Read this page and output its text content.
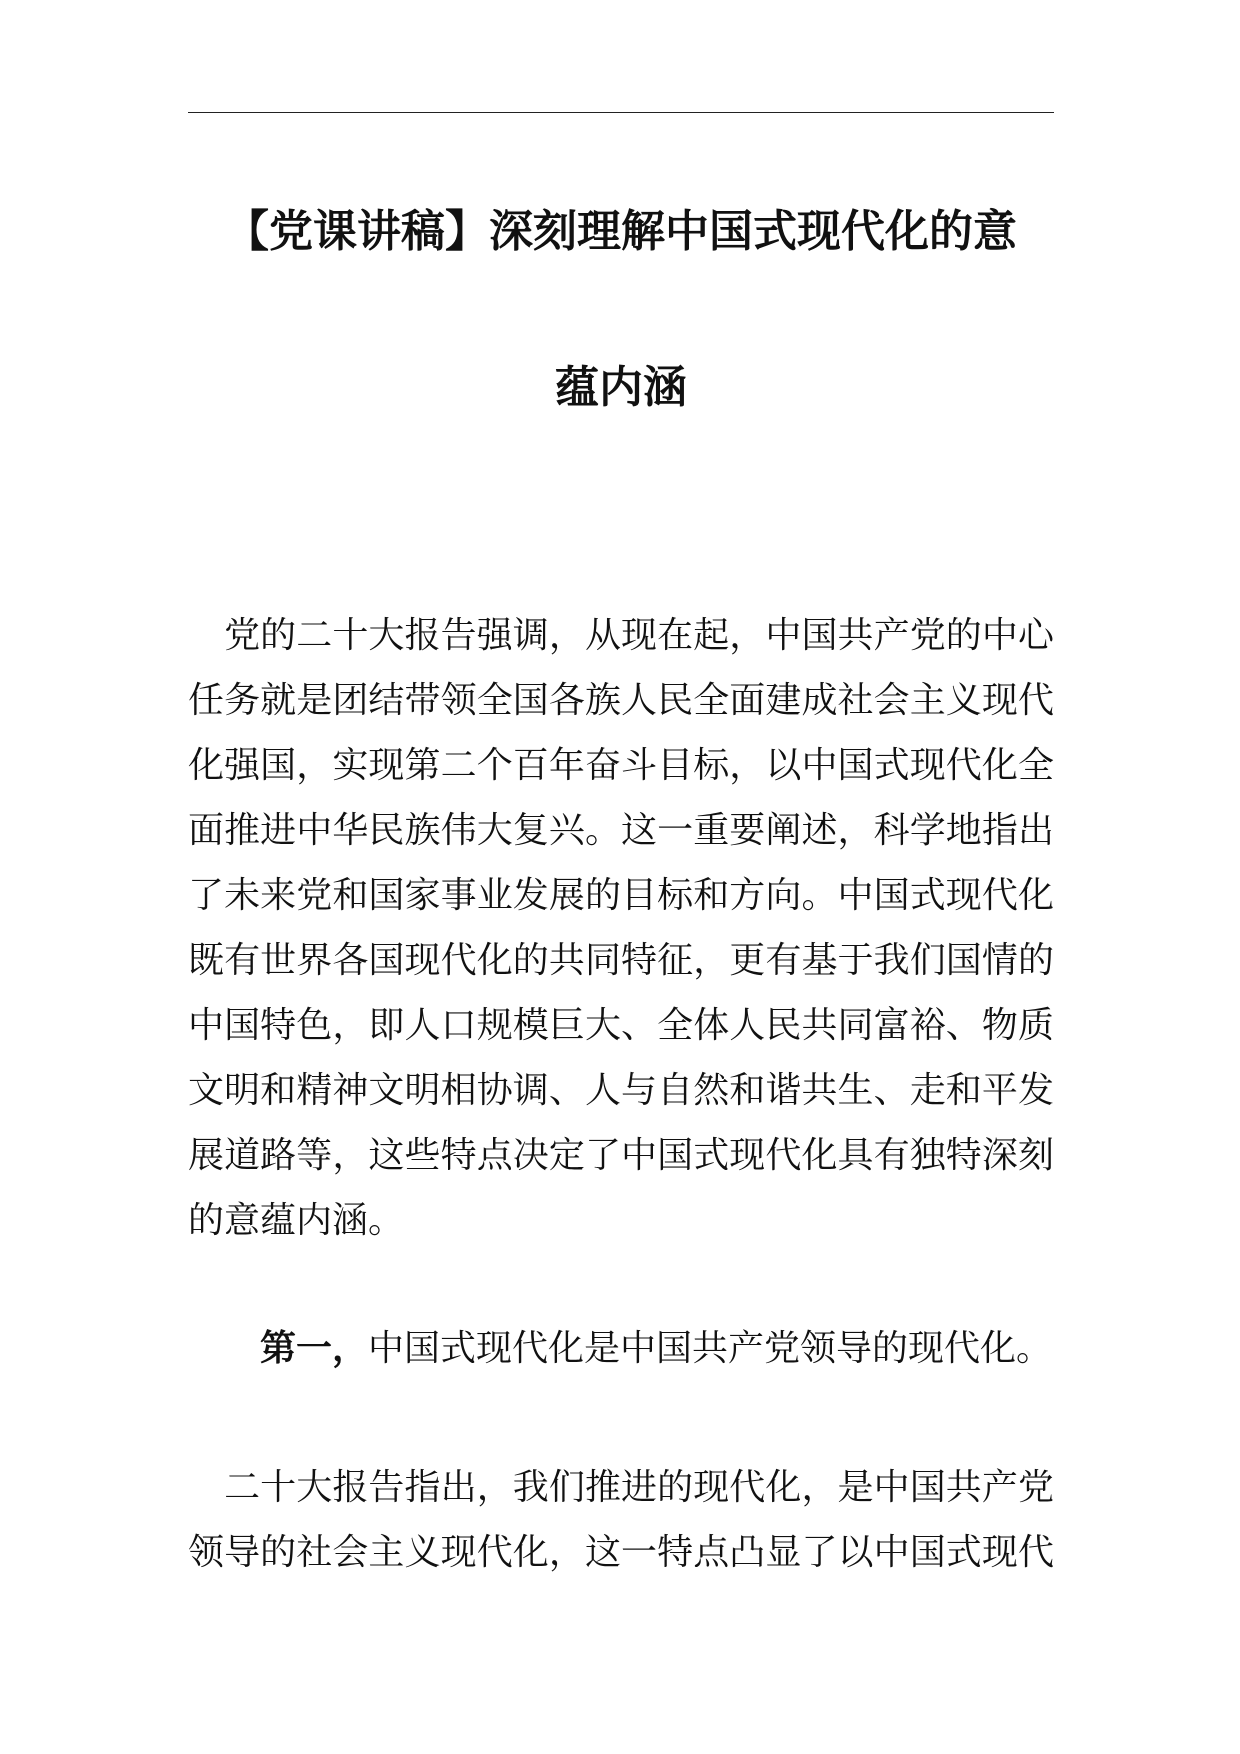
【党课讲稿】深刻理解中国式现代化的意
蕴内涵
　党的二十大报告强调，从现在起，中国共产党的中心
任务就是团结带领全国各族人民全面建成社会主义现代
化强国，实现第二个百年奋斗目标，以中国式现代化全
面推进中华民族伟大复兴。这一重要阐述，科学地指出
了未来党和国家事业发展的目标和方向。中国式现代化
既有世界各国现代化的共同特征，更有基于我们国情的
中国特色，即人口规模巨大、全体人民共同富裕、物质
文明和精神文明相协调、人与自然和谐共生、走和平发
展道路等，这些特点决定了中国式现代化具有独特深刻
的意蕴内涵。
第一，中国式现代化是中国共产党领导的现代化。
　二十大报告指出，我们推进的现代化，是中国共产党
领导的社会主义现代化，这一特点凸显了以中国式现代
